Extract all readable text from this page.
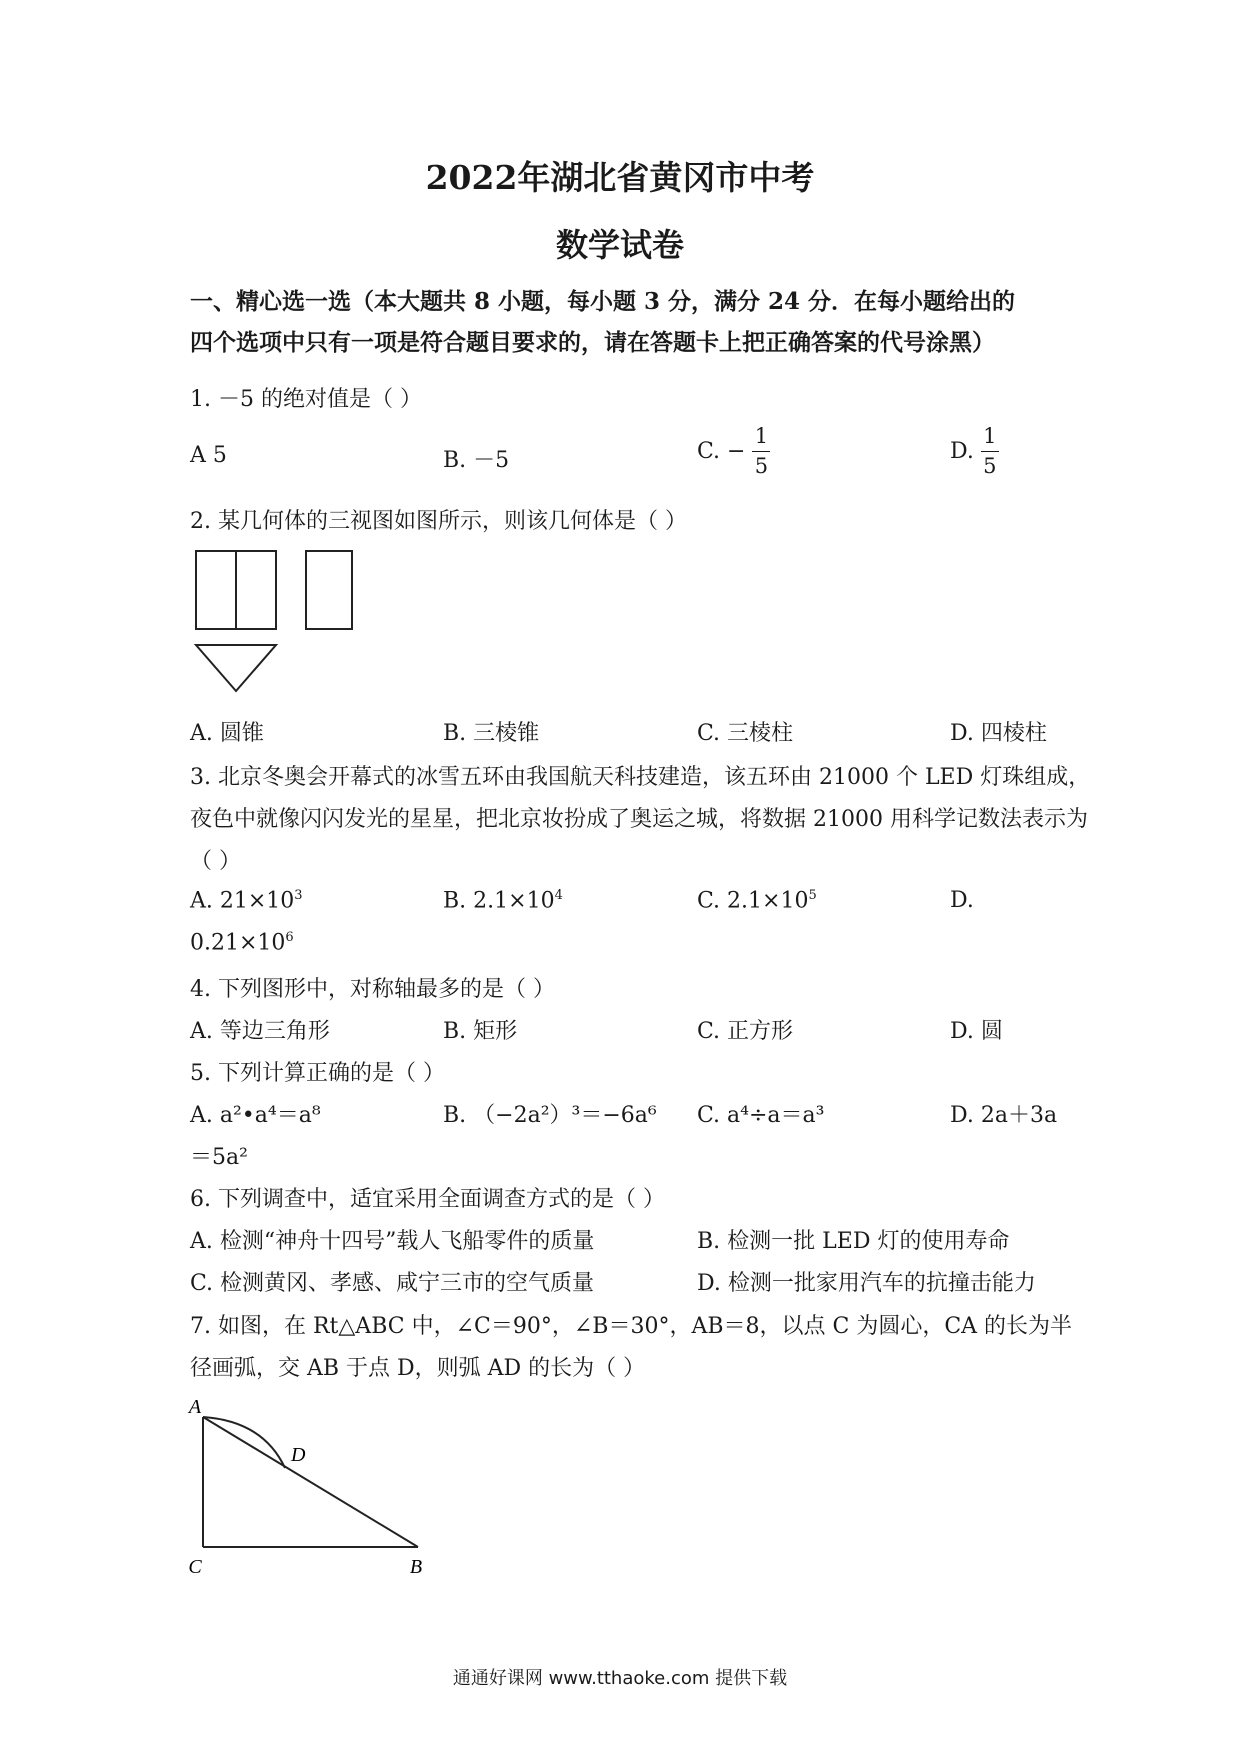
2022年湖北省黄冈市中考
数学试卷
一、精心选一选（本大题共 8 小题，每小题 3 分，满分 24 分．在每小题给出的
四个选项中只有一项是符合题目要求的，请在答题卡上把正确答案的代号涂黑）
1. －5 的绝对值是（ ）
A 5	B. －5	C. − $\frac{1}{5}$	D. $\frac{1}{5}$
2. 某几何体的三视图如图所示，则该几何体是（ ）
A. 圆锥	B. 三棱锥	C. 三棱柱	D. 四棱柱
3. 北京冬奥会开幕式的冰雪五环由我国航天科技建造，该五环由 21000 个 LED 灯珠组成，
夜色中就像闪闪发光的星星，把北京妆扮成了奥运之城，将数据 21000 用科学记数法表示为
（ ）
A. $21\times 10^3$	B. $2.1\times 10^4$	C. $2.1\times 10^5$	D.
$0.21\times 10^6$
4. 下列图形中，对称轴最多的是（ ）
A. 等边三角形	B. 矩形	C. 正方形	D. 圆
5. 下列计算正确的是（ ）
A. a²•a⁴＝a⁸	B. （−2a²）³＝−6a⁶ C. a⁴÷a＝a³	D. 2a＋3a
＝5a²
6. 下列调查中，适宜采用全面调查方式的是（ ）
A. 检测“神舟十四号”载人飞船零件的质量	B. 检测一批 LED 灯的使用寿命
C. 检测黄冈、孝感、咸宁三市的空气质量	D. 检测一批家用汽车的抗撞击能力
7. 如图，在 Rt△ABC 中，∠C＝90°，∠B＝30°，AB＝8，以点 C 为圆心，CA 的长为半
径画弧，交 AB 于点 D，则弧 AD 的长为（ ）
A
D
C	B
通通好课网 www.tthaoke.com 提供下载
